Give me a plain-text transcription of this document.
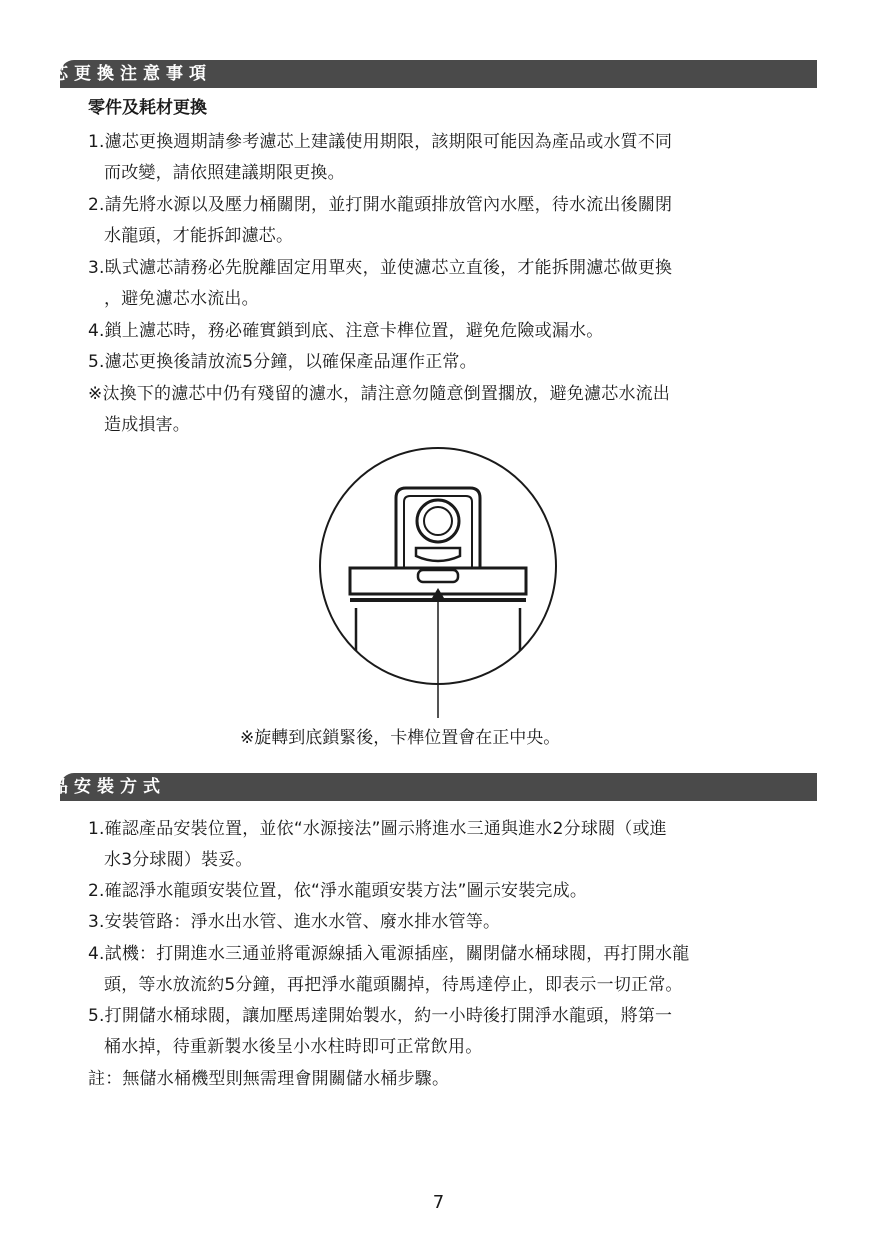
濾芯更換注意事項
零件及耗材更換
1.濾芯更換週期請參考濾芯上建議使用期限，該期限可能因為產品或水質不同
而改變，請依照建議期限更換。
2.請先將水源以及壓力桶關閉，並打開水龍頭排放管內水壓，待水流出後關閉
水龍頭，才能拆卸濾芯。
3.臥式濾芯請務必先脫離固定用單夾，並使濾芯立直後，才能拆開濾芯做更換
，避免濾芯水流出。
4.鎖上濾芯時，務必確實鎖到底、注意卡榫位置，避免危險或漏水。
5.濾芯更換後請放流5分鐘，以確保產品運作正常。
※汰換下的濾芯中仍有殘留的濾水，請注意勿隨意倒置擱放，避免濾芯水流出
造成損害。
※旋轉到底鎖緊後，卡榫位置會在正中央。
產品安裝方式
1.確認產品安裝位置，並依“水源接法”圖示將進水三通與進水2分球閥（或進
水3分球閥）裝妥。
2.確認淨水龍頭安裝位置，依“淨水龍頭安裝方法”圖示安裝完成。
3.安裝管路：淨水出水管、進水水管、廢水排水管等。
4.試機：打開進水三通並將電源線插入電源插座，關閉儲水桶球閥，再打開水龍
頭，等水放流約5分鐘，再把淨水龍頭關掉，待馬達停止，即表示一切正常。
5.打開儲水桶球閥，讓加壓馬達開始製水，約一小時後打開淨水龍頭，將第一
桶水掉，待重新製水後呈小水柱時即可正常飲用。
註：無儲水桶機型則無需理會開關儲水桶步驟。
7
